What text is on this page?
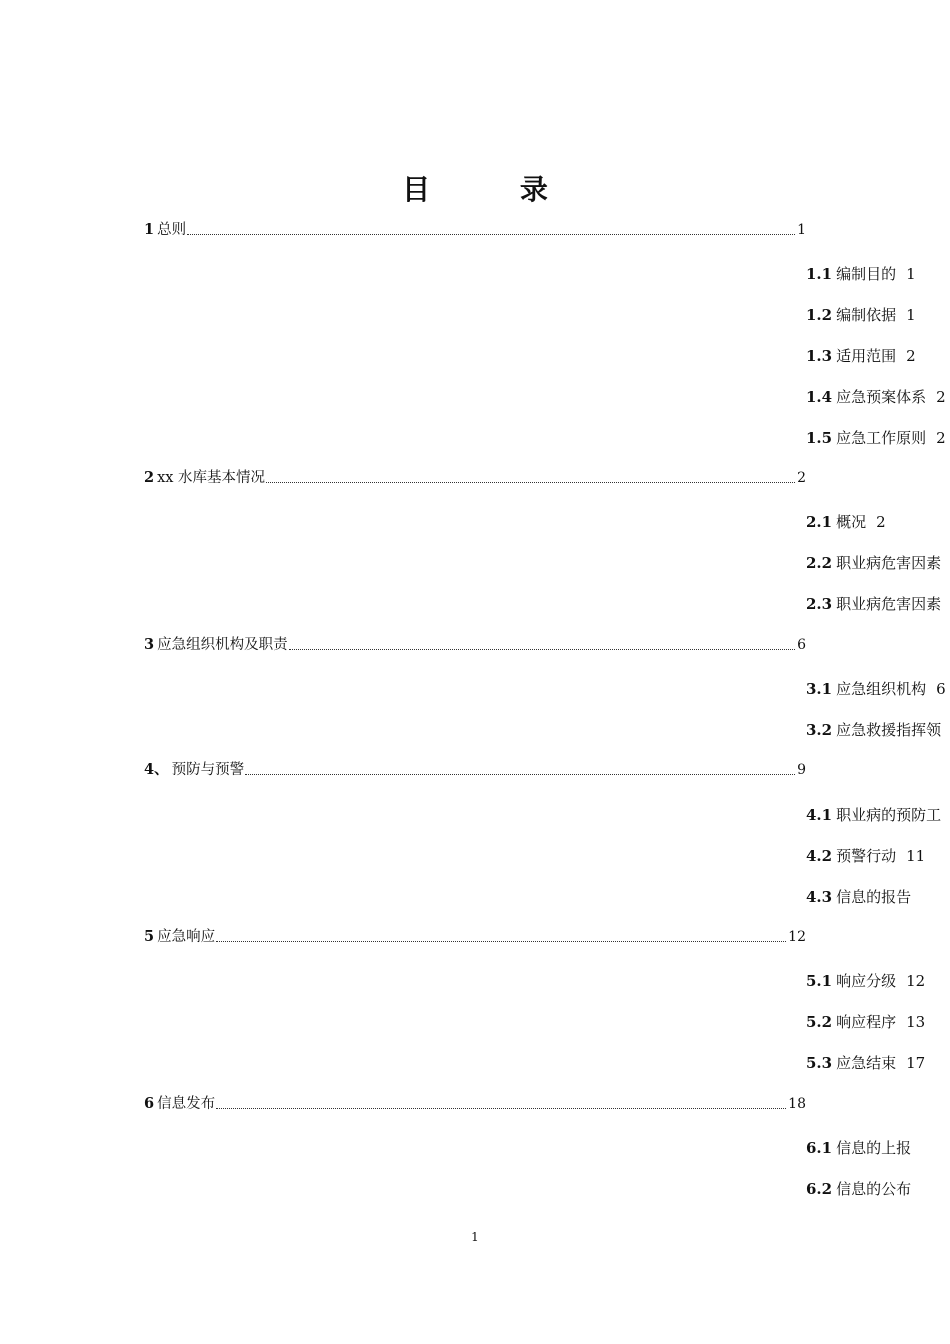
目 录
1 总则	1
1.1 编制目的 1
1.2 编制依据 1
1.3 适用范围 2
1.4 应急预案体系 2
1.5 应急工作原则 2
2 xx 水库基本情况	2
2.1 概况 2
2.2 职业病危害因素
2.3 职业病危害因素
3 应急组织机构及职责	6
3.1 应急组织机构 6
3.2 应急救援指挥领
4、 预防与预警	9
4.1 职业病的预防工
4.2 预警行动 11
4.3 信息的报告
5 应急响应	12
5.1 响应分级 12
5.2 响应程序 13
5.3 应急结束 17
6 信息发布	18
6.1 信息的上报
6.2 信息的公布
1
